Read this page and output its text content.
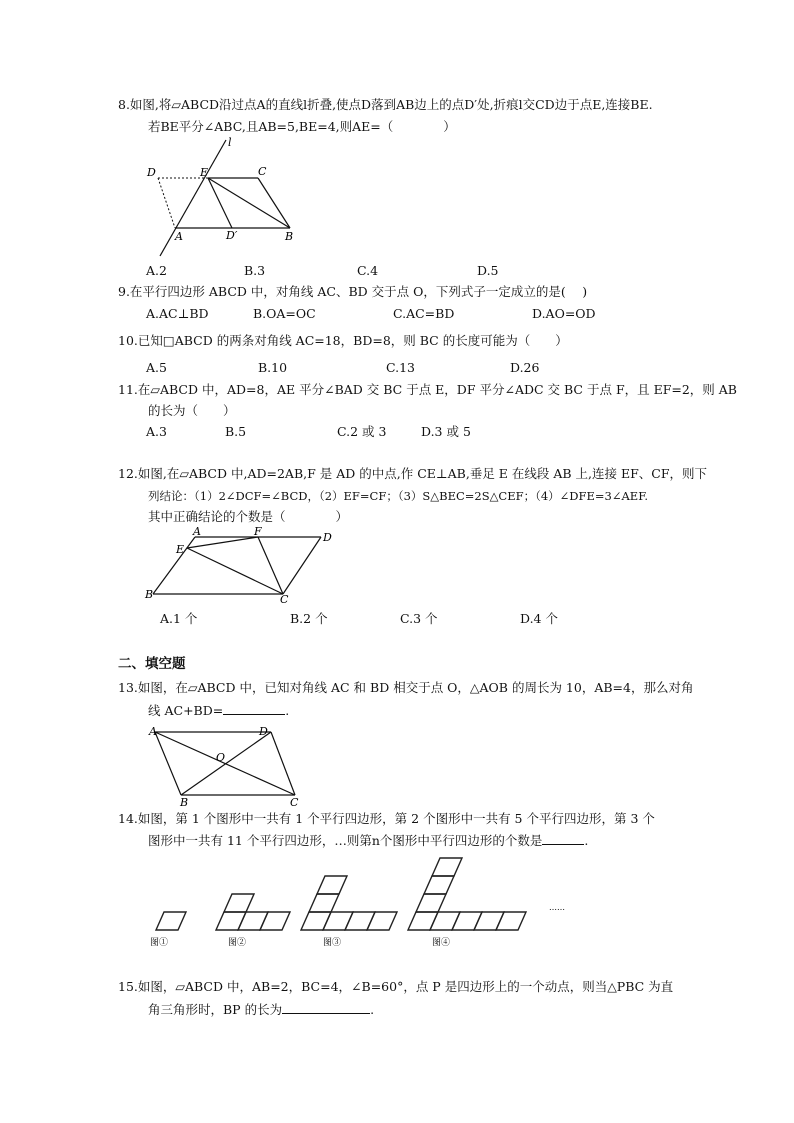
8.如图,将▱ABCD沿过点A的直线l折叠,使点D落到AB边上的点D′处,折痕l交CD边于点E,连接BE.
若BE平分∠ABC,且AB=5,BE=4,则AE=（　　　　）
l
D	E	C
A	D′	B
A.2	B.3	C.4	D.5
9.在平行四边形 ABCD 中，对角线 AC、BD 交于点 O，下列式子一定成立的是(　 )
A.AC⊥BD	B.OA=OC	C.AC=BD	D.AO=OD
10.已知□ABCD 的两条对角线 AC=18，BD=8，则 BC 的长度可能为（　　）
A.5	B.10	C.13	D.26
11.在▱ABCD 中，AD=8，AE 平分∠BAD 交 BC 于点 E，DF 平分∠ADC 交 BC 于点 F，且 EF=2，则 AB
的长为（　　）
A.3	B.5	C.2 或 3	D.3 或 5
12.如图,在▱ABCD 中,AD=2AB,F 是 AD 的中点,作 CE⊥AB,垂足 E 在线段 AB 上,连接 EF、CF，则下
列结论：（1）2∠DCF=∠BCD，（2）EF=CF；（3）S△BEC=2S△CEF；（4）∠DFE=3∠AEF.
其中正确结论的个数是（　　　　）
A	F	D
E
B	C
A.1 个	B.2 个	C.3 个	D.4 个
二、填空题
13.如图，在▱ABCD 中，已知对角线 AC 和 BD 相交于点 O，△AOB 的周长为 10，AB=4，那么对角
线 AC+BD=	.
A	D
O
B	C
14.如图，第 1 个图形中一共有 1 个平行四边形，第 2 个图形中一共有 5 个平行四边形，第 3 个
图形中一共有 11 个平行四边形，…则第n个图形中平行四边形的个数是	.
图①	图②	图③	图④
……
15.如图，▱ABCD 中，AB=2，BC=4，∠B=60°，点 P 是四边形上的一个动点，则当△PBC 为直
角三角形时，BP 的长为	.
